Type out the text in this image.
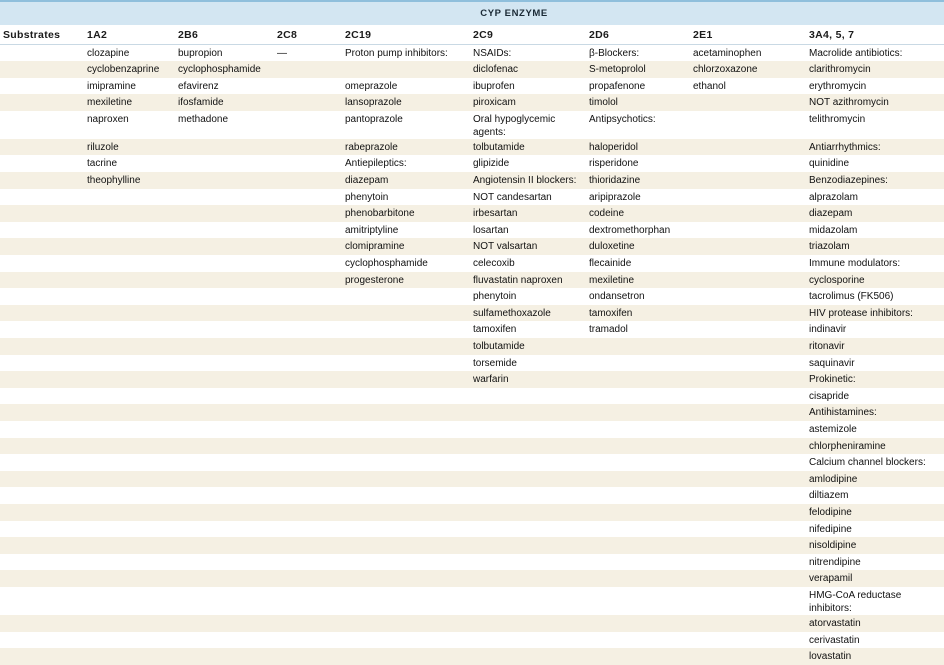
	CYP ENZYME							
Substrates	1A2	2B6	2C8	2C19	2C9	2D6	2E1	3A4, 5, 7
	clozapine	bupropion	—	Proton pump inhibitors:	NSAIDs:	β-Blockers:	acetaminophen	Macrolide antibiotics:
	cyclobenzaprine	cyclophosphamide			diclofenac	S-metoprolol	chlorzoxazone	clarithromycin
	imipramine	efavirenz		omeprazole	ibuprofen	propafenone	ethanol	erythromycin
	mexiletine	ifosfamide		lansoprazole	piroxicam	timolol		NOT azithromycin
	naproxen	methadone		pantoprazole	Oral hypoglycemic agents:	Antipsychotics:		telithromycin
	riluzole			rabeprazole	tolbutamide	haloperidol		Antiarrhythmics:
	tacrine			Antiepileptics:	glipizide	risperidone		quinidine
	theophylline			diazepam	Angiotensin II blockers:	thioridazine		Benzodiazepines:
				phenytoin	NOT candesartan	aripiprazole		alprazolam
				phenobarbitone	irbesartan	codeine		diazepam
				amitriptyline	losartan	dextromethorphan		midazolam
				clomipramine	NOT valsartan	duloxetine		triazolam
				cyclophosphamide	celecoxib	flecainide		Immune modulators:
				progesterone	fluvastatin naproxen	mexiletine		cyclosporine
					phenytoin	ondansetron		tacrolimus (FK506)
					sulfamethoxazole	tamoxifen		HIV protease inhibitors:
					tamoxifen	tramadol		indinavir
					tolbutamide			ritonavir
					torsemide			saquinavir
					warfarin			Prokinetic:
								cisapride
								Antihistamines:
								astemizole
								chlorpheniramine
								Calcium channel blockers:
								amlodipine
								diltiazem
								felodipine
								nifedipine
								nisoldipine
								nitrendipine
								verapamil
								HMG-CoA reductase inhibitors:
								atorvastatin
								cerivastatin
								lovastatin
